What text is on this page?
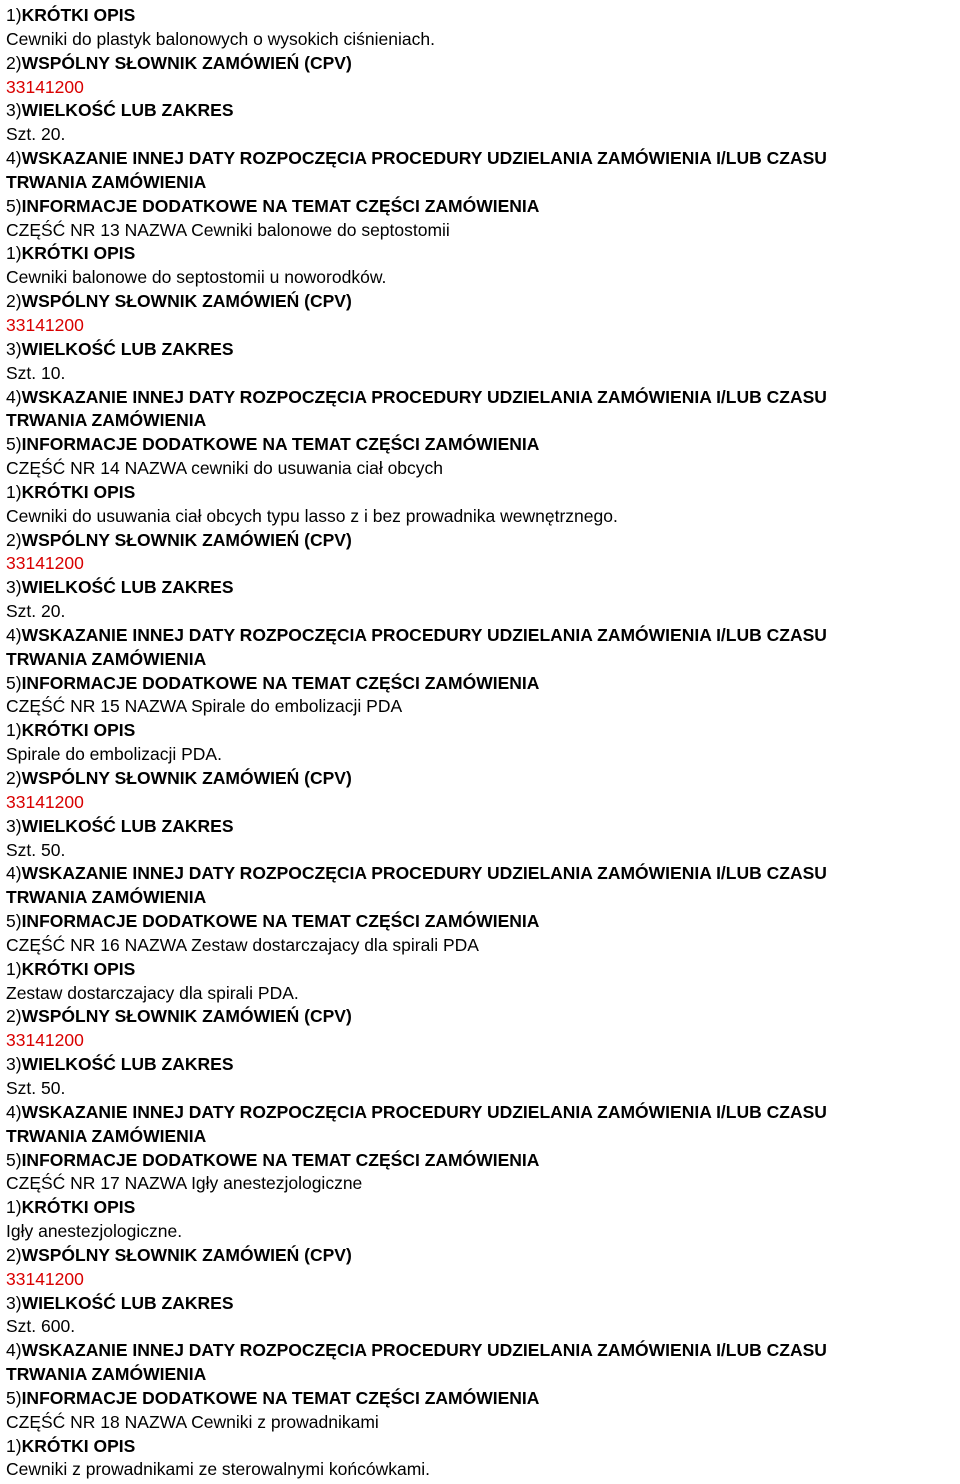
1)KRÓTKI OPIS
Cewniki do plastyk balonowych o wysokich ciśnieniach.
2)WSPÓLNY SŁOWNIK ZAMÓWIEŃ (CPV)
33141200
3)WIELKOŚĆ LUB ZAKRES
Szt. 20.
4)WSKAZANIE INNEJ DATY ROZPOCZĘCIA PROCEDURY UDZIELANIA ZAMÓWIENIA I/LUB CZASU
TRWANIA ZAMÓWIENIA
5)INFORMACJE DODATKOWE NA TEMAT CZĘŚCI ZAMÓWIENIA
CZĘŚĆ NR 13 NAZWA Cewniki balonowe do septostomii
1)KRÓTKI OPIS
Cewniki balonowe do septostomii u noworodków.
2)WSPÓLNY SŁOWNIK ZAMÓWIEŃ (CPV)
33141200
3)WIELKOŚĆ LUB ZAKRES
Szt. 10.
4)WSKAZANIE INNEJ DATY ROZPOCZĘCIA PROCEDURY UDZIELANIA ZAMÓWIENIA I/LUB CZASU
TRWANIA ZAMÓWIENIA
5)INFORMACJE DODATKOWE NA TEMAT CZĘŚCI ZAMÓWIENIA
CZĘŚĆ NR 14 NAZWA cewniki do usuwania ciał obcych
1)KRÓTKI OPIS
Cewniki do usuwania ciał obcych typu lasso z i bez prowadnika wewnętrznego.
2)WSPÓLNY SŁOWNIK ZAMÓWIEŃ (CPV)
33141200
3)WIELKOŚĆ LUB ZAKRES
Szt. 20.
4)WSKAZANIE INNEJ DATY ROZPOCZĘCIA PROCEDURY UDZIELANIA ZAMÓWIENIA I/LUB CZASU
TRWANIA ZAMÓWIENIA
5)INFORMACJE DODATKOWE NA TEMAT CZĘŚCI ZAMÓWIENIA
CZĘŚĆ NR 15 NAZWA Spirale do embolizacji PDA
1)KRÓTKI OPIS
Spirale do embolizacji PDA.
2)WSPÓLNY SŁOWNIK ZAMÓWIEŃ (CPV)
33141200
3)WIELKOŚĆ LUB ZAKRES
Szt. 50.
4)WSKAZANIE INNEJ DATY ROZPOCZĘCIA PROCEDURY UDZIELANIA ZAMÓWIENIA I/LUB CZASU
TRWANIA ZAMÓWIENIA
5)INFORMACJE DODATKOWE NA TEMAT CZĘŚCI ZAMÓWIENIA
CZĘŚĆ NR 16 NAZWA Zestaw dostarczajacy dla spirali PDA
1)KRÓTKI OPIS
Zestaw dostarczajacy dla spirali PDA.
2)WSPÓLNY SŁOWNIK ZAMÓWIEŃ (CPV)
33141200
3)WIELKOŚĆ LUB ZAKRES
Szt. 50.
4)WSKAZANIE INNEJ DATY ROZPOCZĘCIA PROCEDURY UDZIELANIA ZAMÓWIENIA I/LUB CZASU
TRWANIA ZAMÓWIENIA
5)INFORMACJE DODATKOWE NA TEMAT CZĘŚCI ZAMÓWIENIA
CZĘŚĆ NR 17 NAZWA Igły anestezjologiczne
1)KRÓTKI OPIS
Igły anestezjologiczne.
2)WSPÓLNY SŁOWNIK ZAMÓWIEŃ (CPV)
33141200
3)WIELKOŚĆ LUB ZAKRES
Szt. 600.
4)WSKAZANIE INNEJ DATY ROZPOCZĘCIA PROCEDURY UDZIELANIA ZAMÓWIENIA I/LUB CZASU
TRWANIA ZAMÓWIENIA
5)INFORMACJE DODATKOWE NA TEMAT CZĘŚCI ZAMÓWIENIA
CZĘŚĆ NR 18 NAZWA Cewniki z prowadnikami
1)KRÓTKI OPIS
Cewniki z prowadnikami ze sterowalnymi końcówkami.
